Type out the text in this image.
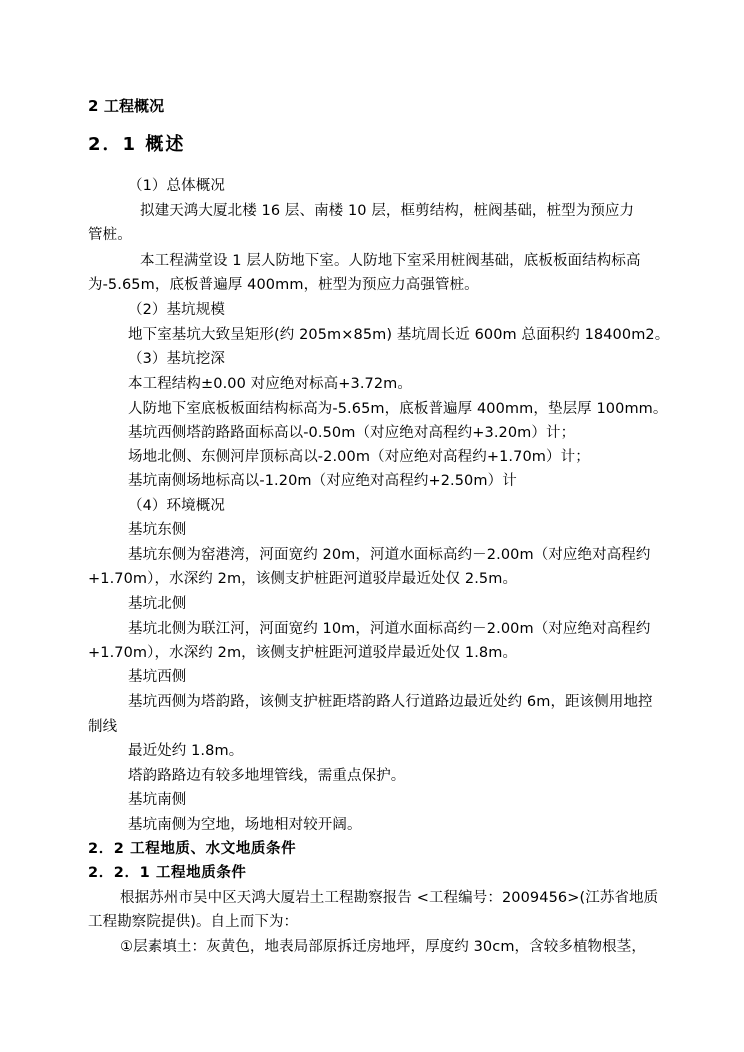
2 工程概况
2．1 概述
（1）总体概况
拟建天鸿大厦北楼 16 层、南楼 10 层，框剪结构，桩阀基础，桩型为预应力
管桩。
本工程满堂设 1 层人防地下室。人防地下室采用桩阀基础，底板板面结构标高
为-5.65m，底板普遍厚 400mm，桩型为预应力高强管桩。
（2）基坑规模
地下室基坑大致呈矩形(约 205m×85m) 基坑周长近 600m 总面积约 18400m2。
（3）基坑挖深
本工程结构±0.00 对应绝对标高+3.72m。
人防地下室底板板面结构标高为-5.65m，底板普遍厚 400mm，垫层厚 100mm。
基坑西侧塔韵路路面标高以-0.50m（对应绝对高程约+3.20m）计；
场地北侧、东侧河岸顶标高以-2.00m（对应绝对高程约+1.70m）计；
基坑南侧场地标高以-1.20m（对应绝对高程约+2.50m）计
（4）环境概况
基坑东侧
基坑东侧为窑港湾，河面宽约 20m，河道水面标高约－2.00m（对应绝对高程约
+1.70m），水深约 2m，该侧支护桩距河道驳岸最近处仅 2.5m。
基坑北侧
基坑北侧为联江河，河面宽约 10m，河道水面标高约－2.00m（对应绝对高程约
+1.70m），水深约 2m，该侧支护桩距河道驳岸最近处仅 1.8m。
基坑西侧
基坑西侧为塔韵路，该侧支护桩距塔韵路人行道路边最近处约 6m，距该侧用地控
制线
最近处约 1.8m。
塔韵路路边有较多地埋管线，需重点保护。
基坑南侧
基坑南侧为空地，场地相对较开阔。
2．2 工程地质、水文地质条件
2．2．1 工程地质条件
根据苏州市吴中区天鸿大厦岩土工程勘察报告 <工程编号：2009456>(江苏省地质
工程勘察院提供)。自上而下为：
①层素填土：灰黄色，地表局部原拆迁房地坪，厚度约 30cm，含较多植物根茎，
